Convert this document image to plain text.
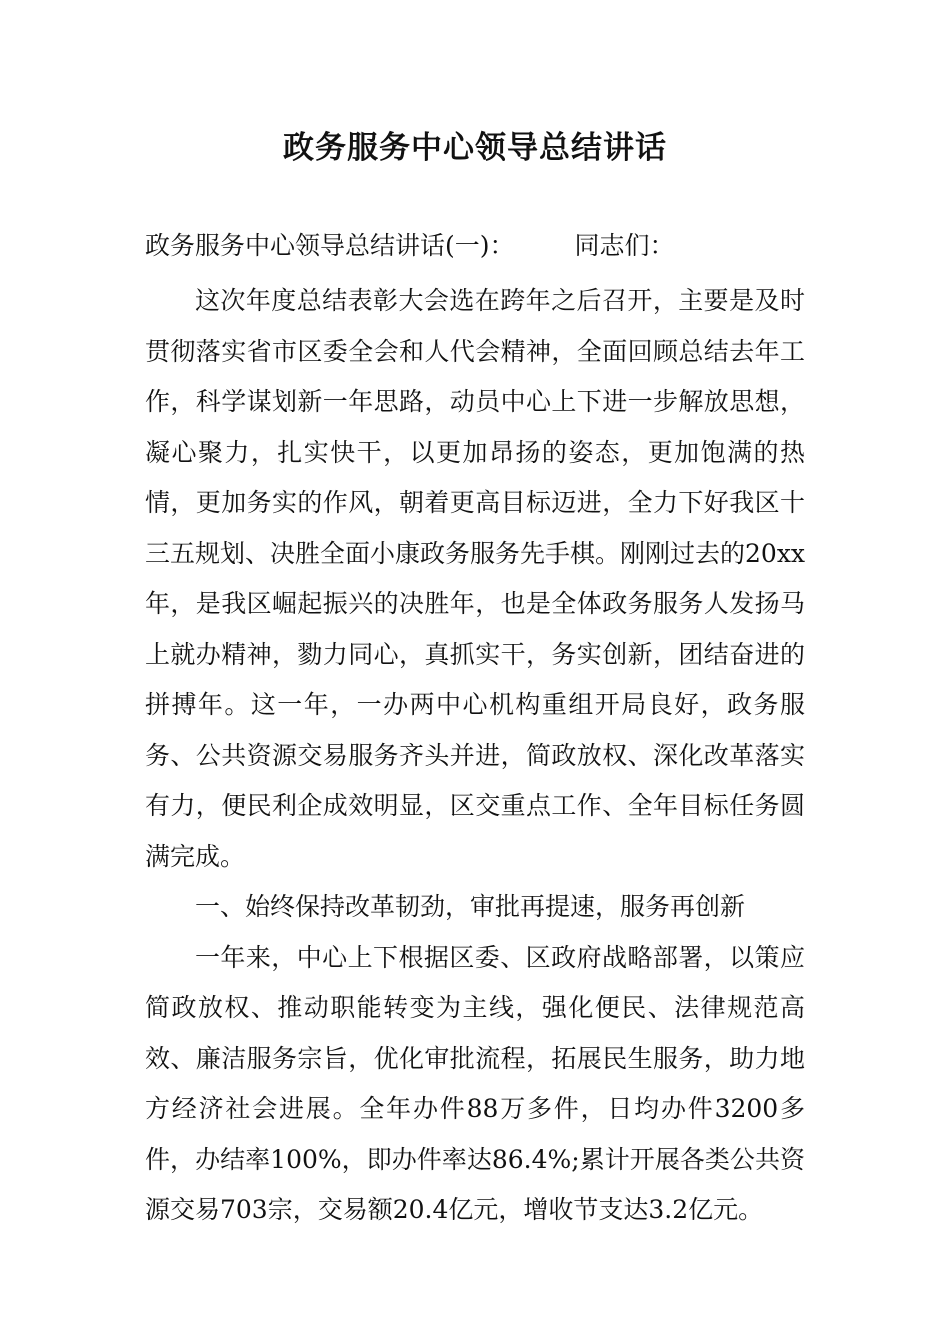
政务服务中心领导总结讲话
政务服务中心领导总结讲话(一)： 同志们：

这次年度总结表彰大会选在跨年之后召开，主要是及时贯彻落实省市区委全会和人代会精神，全面回顾总结去年工作，科学谋划新一年思路，动员中心上下进一步解放思想，凝心聚力，扎实快干，以更加昂扬的姿态，更加饱满的热情，更加务实的作风，朝着更高目标迈进，全力下好我区十三五规划、决胜全面小康政务服务先手棋。刚刚过去的20xx年，是我区崛起振兴的决胜年，也是全体政务服务人发扬马上就办精神，勠力同心，真抓实干，务实创新，团结奋进的拼搏年。这一年，一办两中心机构重组开局良好，政务服务、公共资源交易服务齐头并进，简政放权、深化改革落实有力，便民利企成效明显，区交重点工作、全年目标任务圆满完成。

一、始终保持改革韧劲，审批再提速，服务再创新

一年来，中心上下根据区委、区政府战略部署，以策应简政放权、推动职能转变为主线，强化便民、法律规范高效、廉洁服务宗旨，优化审批流程，拓展民生服务，助力地方经济社会进展。全年办件88万多件，日均办件3200多件，办结率100%，即办件率达86.4%;累计开展各类公共资源交易703宗，交易额20.4亿元，增收节支达3.2亿元。
